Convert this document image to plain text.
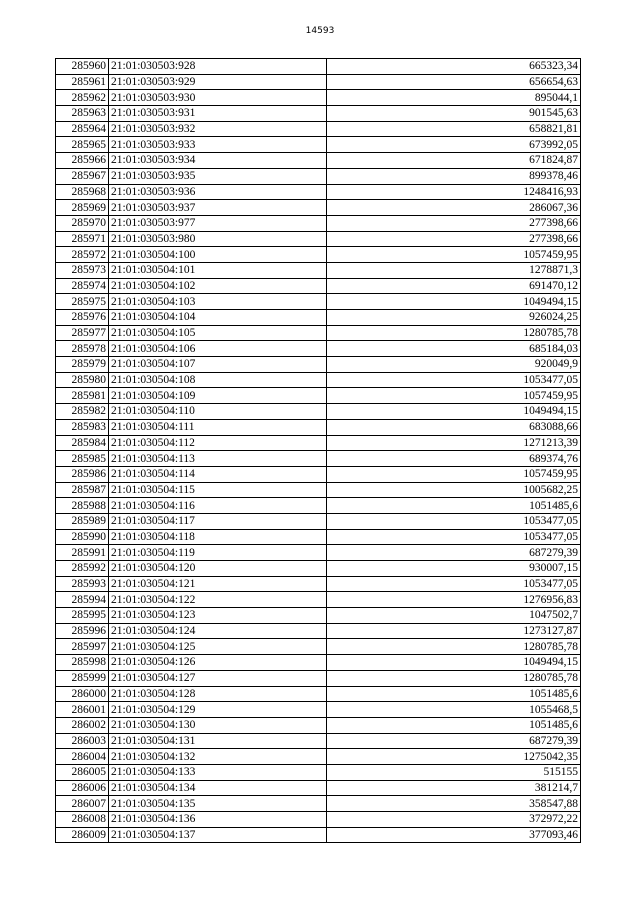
14593
285960	21:01:030503:928	665323,34
285961	21:01:030503:929	656654,63
285962	21:01:030503:930	895044,1
285963	21:01:030503:931	901545,63
285964	21:01:030503:932	658821,81
285965	21:01:030503:933	673992,05
285966	21:01:030503:934	671824,87
285967	21:01:030503:935	899378,46
285968	21:01:030503:936	1248416,93
285969	21:01:030503:937	286067,36
285970	21:01:030503:977	277398,66
285971	21:01:030503:980	277398,66
285972	21:01:030504:100	1057459,95
285973	21:01:030504:101	1278871,3
285974	21:01:030504:102	691470,12
285975	21:01:030504:103	1049494,15
285976	21:01:030504:104	926024,25
285977	21:01:030504:105	1280785,78
285978	21:01:030504:106	685184,03
285979	21:01:030504:107	920049,9
285980	21:01:030504:108	1053477,05
285981	21:01:030504:109	1057459,95
285982	21:01:030504:110	1049494,15
285983	21:01:030504:111	683088,66
285984	21:01:030504:112	1271213,39
285985	21:01:030504:113	689374,76
285986	21:01:030504:114	1057459,95
285987	21:01:030504:115	1005682,25
285988	21:01:030504:116	1051485,6
285989	21:01:030504:117	1053477,05
285990	21:01:030504:118	1053477,05
285991	21:01:030504:119	687279,39
285992	21:01:030504:120	930007,15
285993	21:01:030504:121	1053477,05
285994	21:01:030504:122	1276956,83
285995	21:01:030504:123	1047502,7
285996	21:01:030504:124	1273127,87
285997	21:01:030504:125	1280785,78
285998	21:01:030504:126	1049494,15
285999	21:01:030504:127	1280785,78
286000	21:01:030504:128	1051485,6
286001	21:01:030504:129	1055468,5
286002	21:01:030504:130	1051485,6
286003	21:01:030504:131	687279,39
286004	21:01:030504:132	1275042,35
286005	21:01:030504:133	515155
286006	21:01:030504:134	381214,7
286007	21:01:030504:135	358547,88
286008	21:01:030504:136	372972,22
286009	21:01:030504:137	377093,46
